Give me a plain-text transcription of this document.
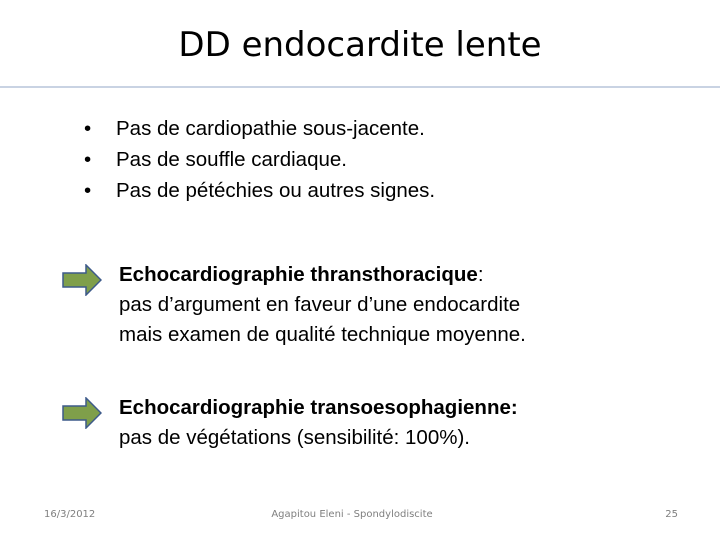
DD endocardite lente
•	Pas de cardiopathie sous-jacente.
•	Pas de souffle cardiaque.
•	Pas de pétéchies ou autres signes.
Echocardiographie thransthoracique:
pas d’argument en faveur d’une endocardite
mais examen de qualité technique moyenne.
Echocardiographie transoesophagienne:
pas de végétations (sensibilité: 100%).
16/3/2012	Agapitou Eleni - Spondylodiscite	25
